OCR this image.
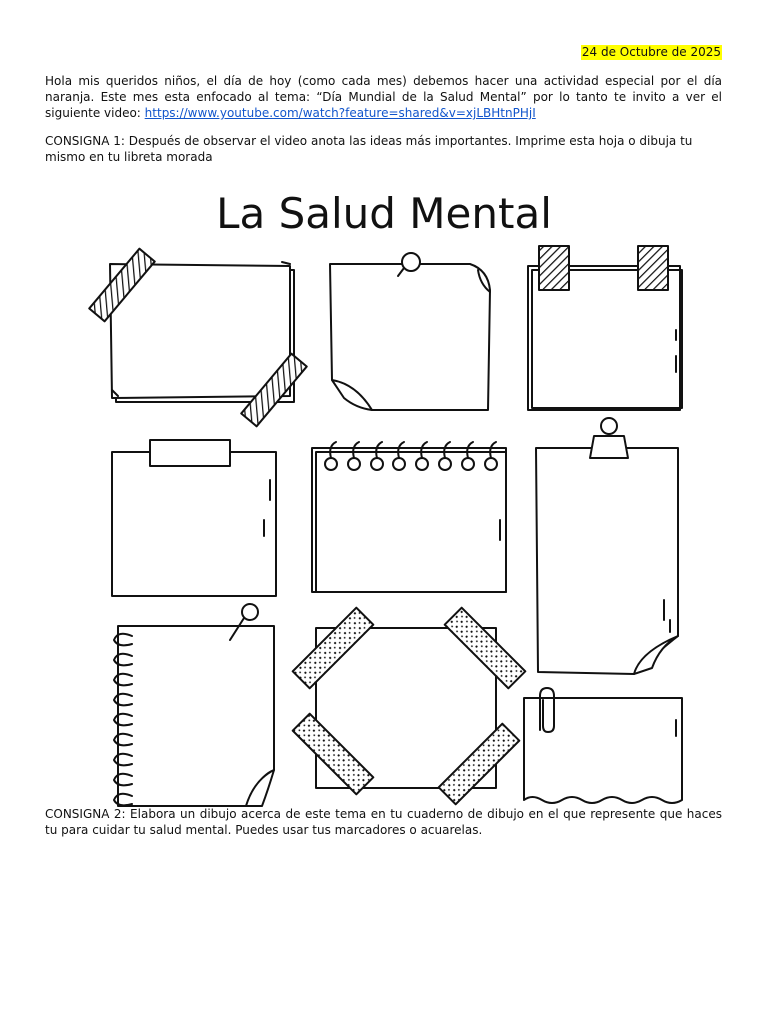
24 de Octubre de 2025

Hola mis queridos niños, el día de hoy (como cada mes) debemos hacer una actividad especial por el día naranja. Este mes esta enfocado al tema: “Día Mundial de la Salud Mental” por lo tanto te invito a ver el siguiente video: https://www.youtube.com/watch?feature=shared&v=xjLBHtnPHjI

CONSIGNA 1: Después de observar el video anota las ideas más importantes. Imprime esta hoja o dibuja tu mismo en tu libreta morada

La Salud Mental

CONSIGNA 2: Elabora un dibujo acerca de este tema en tu cuaderno de dibujo en el que represente que haces tu para cuidar tu salud mental. Puedes usar tus marcadores o acuarelas.
